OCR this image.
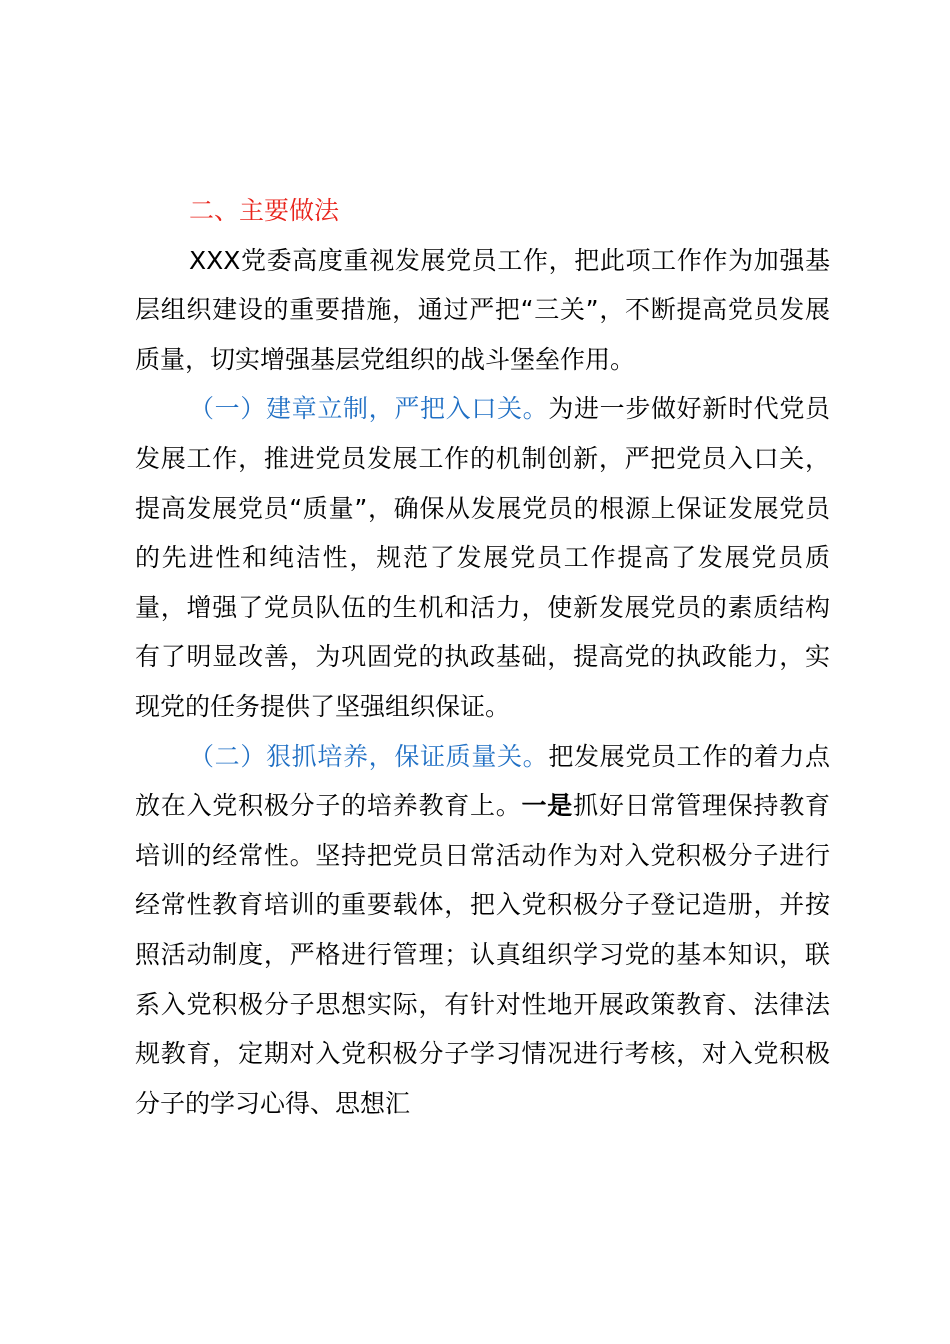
二、主要做法

XXX党委高度重视发展党员工作，把此项工作作为加强基层组织建设的重要措施，通过严把“三关”，不断提高党员发展质量，切实增强基层党组织的战斗堡垒作用。

（一）建章立制，严把入口关。为进一步做好新时代党员发展工作，推进党员发展工作的机制创新，严把党员入口关，提高发展党员“质量”，确保从发展党员的根源上保证发展党员的先进性和纯洁性，规范了发展党员工作提高了发展党员质量，增强了党员队伍的生机和活力，使新发展党员的素质结构有了明显改善，为巩固党的执政基础，提高党的执政能力，实现党的任务提供了坚强组织保证。

（二）狠抓培养，保证质量关。把发展党员工作的着力点放在入党积极分子的培养教育上。一是抓好日常管理保持教育培训的经常性。坚持把党员日常活动作为对入党积极分子进行经常性教育培训的重要载体，把入党积极分子登记造册，并按照活动制度，严格进行管理；认真组织学习党的基本知识，联系入党积极分子思想实际，有针对性地开展政策教育、法律法规教育，定期对入党积极分子学习情况进行考核，对入党积极分子的学习心得、思想汇
